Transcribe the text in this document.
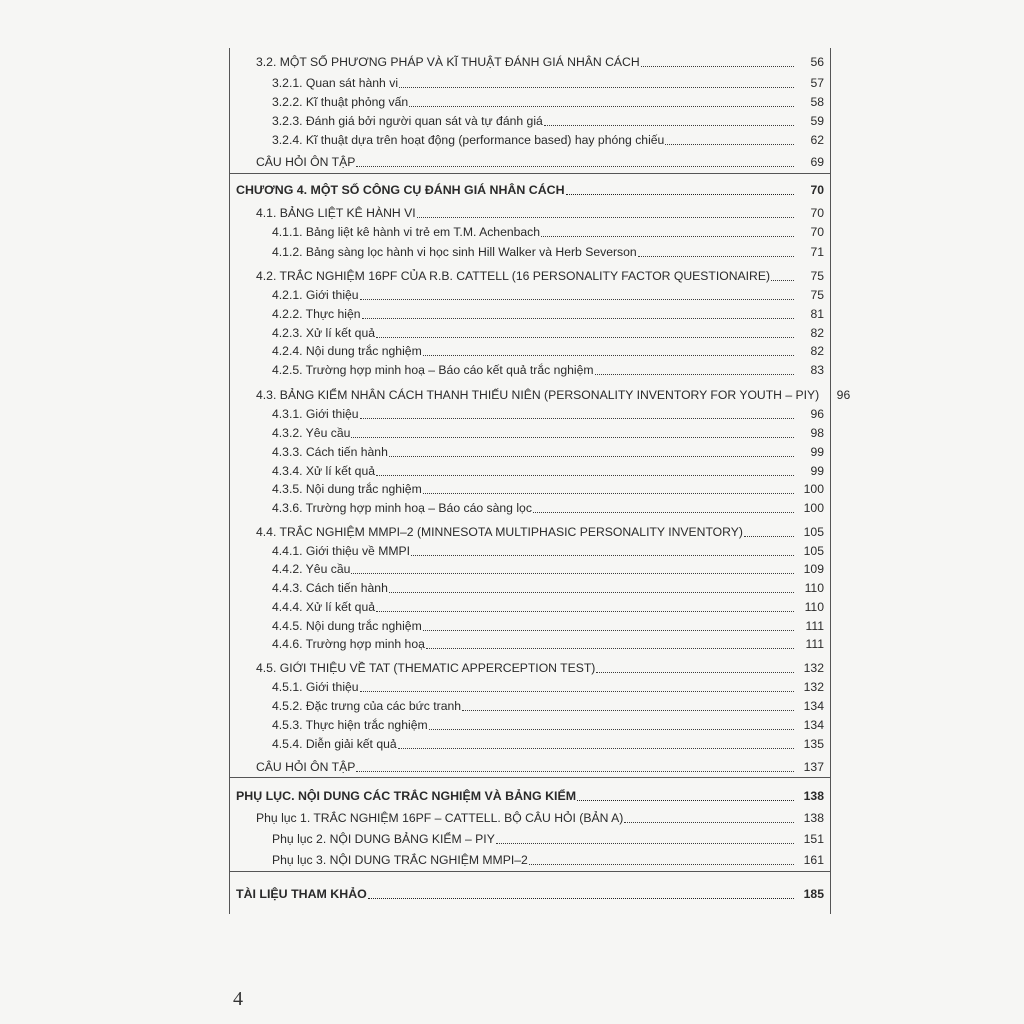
3.2. MỘT SỐ PHƯƠNG PHÁP VÀ KĨ THUẬT ĐÁNH GIÁ NHÂN CÁCH	56
3.2.1. Quan sát hành vi	57
3.2.2. Kĩ thuật phỏng vấn	58
3.2.3. Đánh giá bởi người quan sát và tự đánh giá	59
3.2.4. Kĩ thuật dựa trên hoạt động (performance based) hay phóng chiếu	62
CÂU HỎI ÔN TẬP	69
CHƯƠNG 4. MỘT SỐ CÔNG CỤ ĐÁNH GIÁ NHÂN CÁCH	70
4.1. BẢNG LIỆT KÊ HÀNH VI	70
4.1.1. Bảng liệt kê hành vi trẻ em T.M. Achenbach	70
4.1.2. Bảng sàng lọc hành vi học sinh Hill Walker và Herb Severson	71
4.2. TRẮC NGHIỆM 16PF CỦA R.B. CATTELL (16 PERSONALITY FACTOR QUESTIONAIRE)	75
4.2.1. Giới thiệu	75
4.2.2. Thực hiện	81
4.2.3. Xử lí kết quả	82
4.2.4. Nội dung trắc nghiệm	82
4.2.5. Trường hợp minh hoạ – Báo cáo kết quả trắc nghiệm	83
4.3. BẢNG KIỂM NHÂN CÁCH THANH THIẾU NIÊN (PERSONALITY INVENTORY FOR YOUTH – PIY)	96
4.3.1. Giới thiệu	96
4.3.2. Yêu cầu	98
4.3.3. Cách tiến hành	99
4.3.4. Xử lí kết quả	99
4.3.5. Nội dung trắc nghiệm	100
4.3.6. Trường hợp minh hoạ – Báo cáo sàng lọc	100
4.4. TRẮC NGHIỆM MMPI–2 (MINNESOTA MULTIPHASIC PERSONALITY INVENTORY)	105
4.4.1. Giới thiệu về MMPI	105
4.4.2. Yêu cầu	109
4.4.3. Cách tiến hành	110
4.4.4. Xử lí kết quả	110
4.4.5. Nội dung trắc nghiệm	111
4.4.6. Trường hợp minh hoạ	111
4.5. GIỚI THIỆU VỀ TAT (THEMATIC APPERCEPTION TEST)	132
4.5.1. Giới thiệu	132
4.5.2. Đặc trưng của các bức tranh	134
4.5.3. Thực hiện trắc nghiệm	134
4.5.4. Diễn giải kết quả	135
CÂU HỎI ÔN TẬP	137
PHỤ LỤC. NỘI DUNG CÁC TRẮC NGHIỆM VÀ BẢNG KIỂM	138
Phụ lục 1. TRẮC NGHIỆM 16PF – CATTELL. BỘ CÂU HỎI (BẢN A)	138
Phụ lục 2. NỘI DUNG BẢNG KIỂM – PIY	151
Phụ lục 3. NỘI DUNG TRẮC NGHIỆM MMPI–2	161
TÀI LIỆU THAM KHẢO	185
4
